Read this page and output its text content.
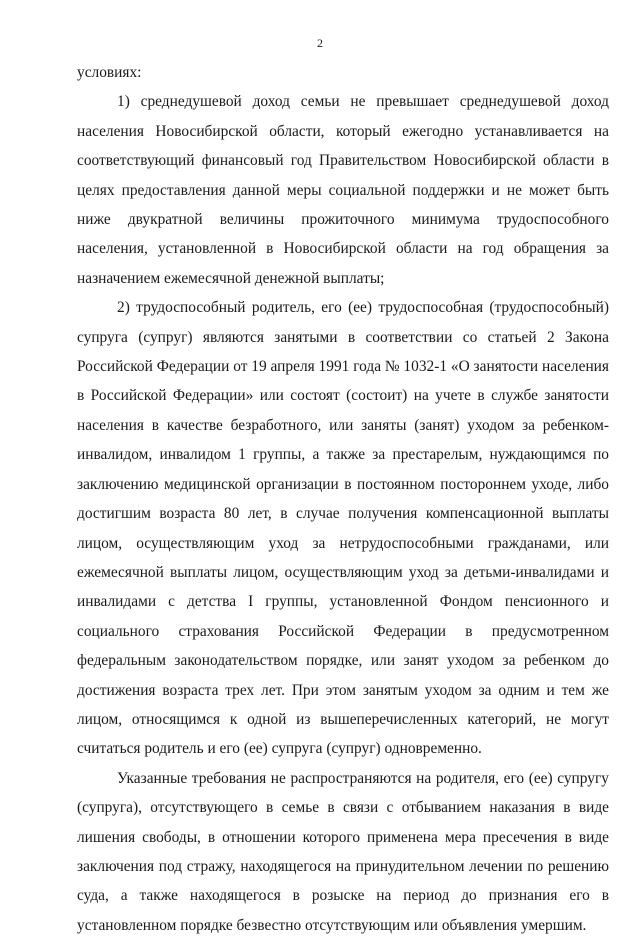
2

условиях:

1) среднедушевой доход семьи не превышает среднедушевой доход населения Новосибирской области, который ежегодно устанавливается на соответствующий финансовый год Правительством Новосибирской области в целях предоставления данной меры социальной поддержки и не может быть ниже двукратной величины прожиточного минимума трудоспособного населения, установленной в Новосибирской области на год обращения за назначением ежемесячной денежной выплаты;

2) трудоспособный родитель, его (ее) трудоспособная (трудоспособный) супруга (супруг) являются занятыми в соответствии со статьей 2 Закона Российской Федерации от 19 апреля 1991 года № 1032-1 «О занятости населения в Российской Федерации» или состоят (состоит) на учете в службе занятости населения в качестве безработного, или заняты (занят) уходом за ребенком-инвалидом, инвалидом 1 группы, а также за престарелым, нуждающимся по заключению медицинской организации в постоянном постороннем уходе, либо достигшим возраста 80 лет, в случае получения компенсационной выплаты лицом, осуществляющим уход за нетрудоспособными гражданами, или ежемесячной выплаты лицом, осуществляющим уход за детьми-инвалидами и инвалидами с детства I группы, установленной Фондом пенсионного и социального страхования Российской Федерации в предусмотренном федеральным законодательством порядке, или занят уходом за ребенком до достижения возраста трех лет. При этом занятым уходом за одним и тем же лицом, относящимся к одной из вышеперечисленных категорий, не могут считаться родитель и его (ее) супруга (супруг) одновременно.

Указанные требования не распространяются на родителя, его (ее) супругу (супруга), отсутствующего в семье в связи с отбыванием наказания в виде лишения свободы, в отношении которого применена мера пресечения в виде заключения под стражу, находящегося на принудительном лечении по решению суда, а также находящегося в розыске на период до признания его в установленном порядке безвестно отсутствующим или объявления умершим.
